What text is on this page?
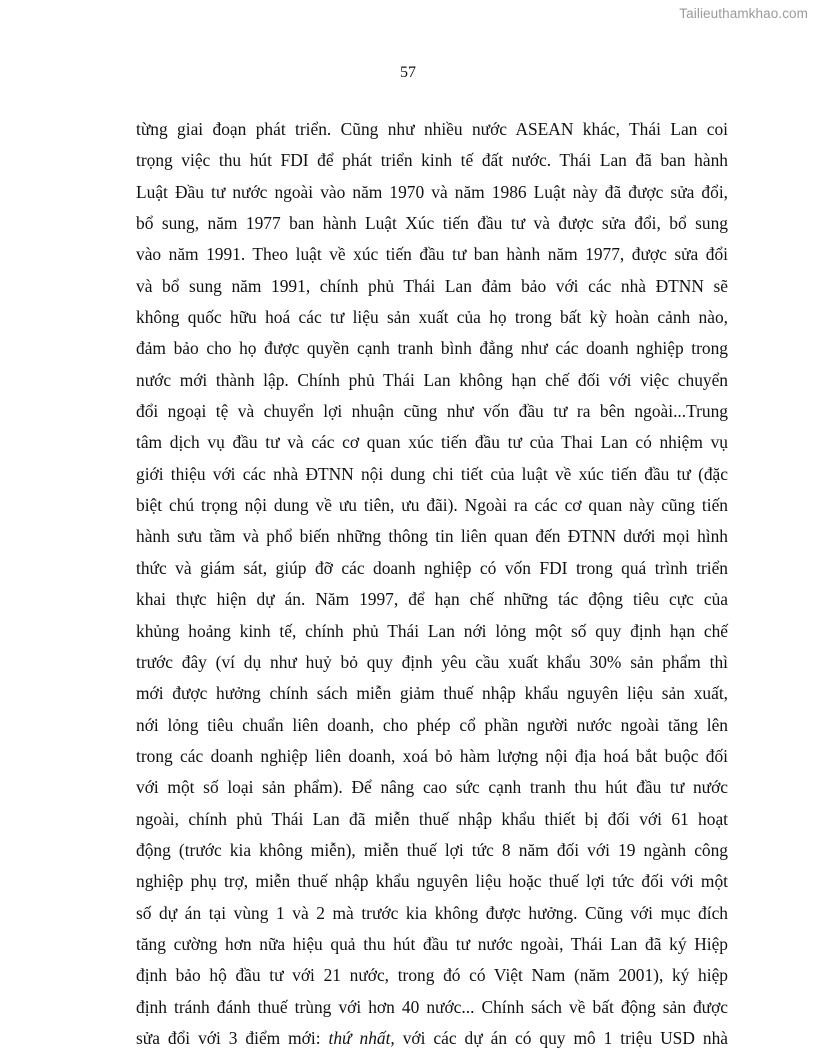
Tailieuthamkhao.com
57
từng giai đoạn phát triển. Cũng như nhiều nước ASEAN khác, Thái Lan coi
trọng việc thu hút FDI để phát triển kinh tế đất nước. Thái Lan đã ban hành
Luật Đầu tư nước ngoài vào năm 1970 và năm 1986 Luật này đã được sửa đổi,
bổ sung, năm 1977 ban hành Luật Xúc tiến đầu tư và được sửa đổi, bổ sung
vào năm 1991. Theo luật về xúc tiến đầu tư ban hành năm 1977, được sửa đổi
và bổ sung năm 1991, chính phủ Thái Lan đảm bảo với các nhà ĐTNN sẽ
không quốc hữu hoá các tư liệu sản xuất của họ trong bất kỳ hoàn cảnh nào,
đảm bảo cho họ được quyền cạnh tranh bình đẳng như các doanh nghiệp trong
nước mới thành lập. Chính phủ Thái Lan không hạn chế đối với việc chuyển
đổi ngoại tệ và chuyển lợi nhuận cũng như vốn đầu tư ra bên ngoài...Trung
tâm dịch vụ đầu tư và các cơ quan xúc tiến đầu tư của Thai Lan có nhiệm vụ
giới thiệu với các nhà ĐTNN nội dung chi tiết của luật về xúc tiến đầu tư (đặc
biệt chú trọng nội dung về ưu tiên, ưu đãi). Ngoài ra các cơ quan này cũng tiến
hành sưu tầm và phổ biến những thông tin liên quan đến ĐTNN dưới mọi hình
thức và giám sát, giúp đỡ các doanh nghiệp có vốn FDI trong quá trình triển
khai thực hiện dự án. Năm 1997, để hạn chế những tác động tiêu cực của
khủng hoảng kinh tế, chính phủ Thái Lan nới lỏng một số quy định hạn chế
trước đây (ví dụ như huỷ bỏ quy định yêu cầu xuất khẩu 30% sản phẩm thì
mới được hưởng chính sách miễn giảm thuế nhập khẩu nguyên liệu sản xuất,
nới lỏng tiêu chuẩn liên doanh, cho phép cổ phần người nước ngoài tăng lên
trong các doanh nghiệp liên doanh, xoá bỏ hàm lượng nội địa hoá bắt buộc đối
với một số loại sản phẩm). Để nâng cao sức cạnh tranh thu hút đầu tư nước
ngoài, chính phủ Thái Lan đã miễn thuế nhập khẩu thiết bị đối với 61 hoạt
động (trước kia không miễn), miễn thuế lợi tức 8 năm đối với 19 ngành công
nghiệp phụ trợ, miễn thuế nhập khẩu nguyên liệu hoặc thuế lợi tức đối với một
số dự án tại vùng 1 và 2 mà trước kia không được hưởng. Cũng với mục đích
tăng cường hơn nữa hiệu quả thu hút đầu tư nước ngoài, Thái Lan đã ký Hiệp
định bảo hộ đầu tư với 21 nước, trong đó có Việt Nam (năm 2001), ký hiệp
định tránh đánh thuế trùng với hơn 40 nước... Chính sách về bất động sản được
sửa đổi với 3 điểm mới: thứ nhất, với các dự án có quy mô 1 triệu USD nhà
